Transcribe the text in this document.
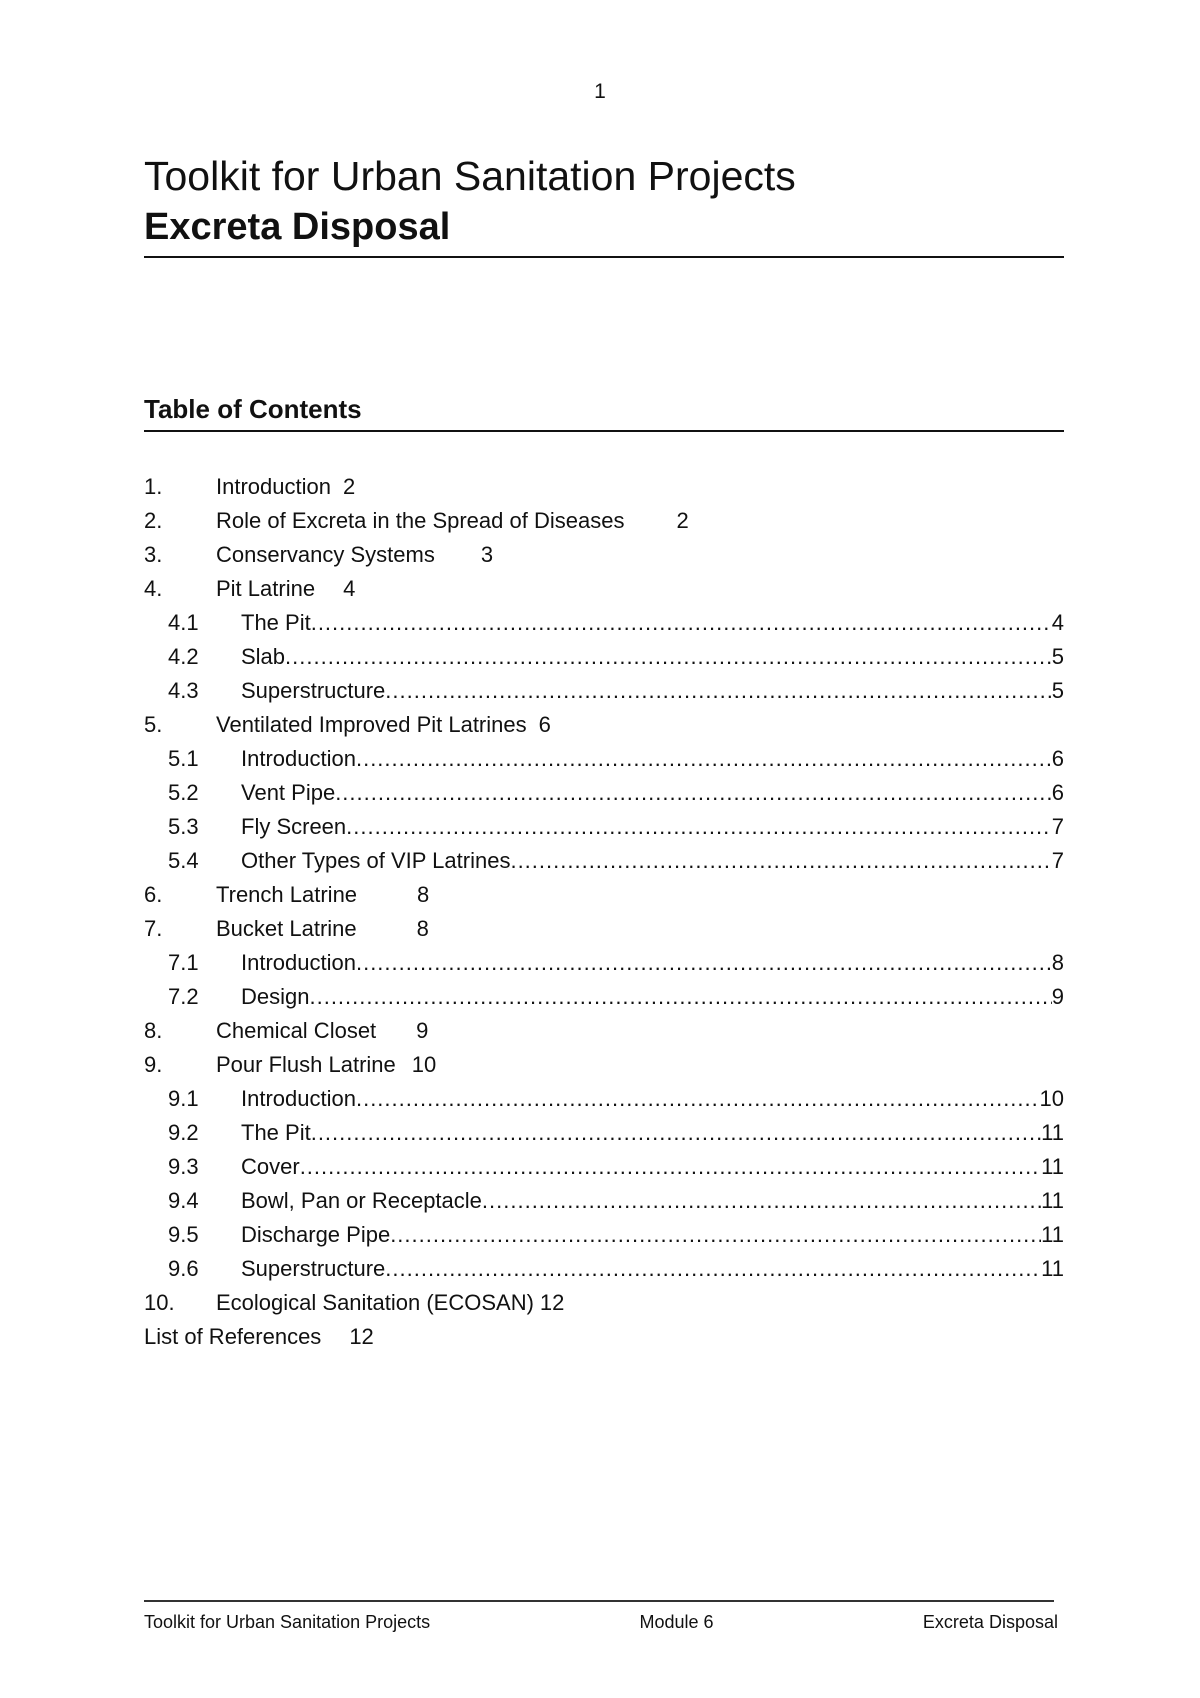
1
Toolkit for Urban Sanitation Projects
Excreta Disposal
Table of Contents
1. Introduction 2
2. Role of Excreta in the Spread of Diseases 2
3. Conservancy Systems 3
4. Pit Latrine 4
4.1	The Pit .....	4
4.2	Slab .....	5
4.3	Superstructure .....	5
5. Ventilated Improved Pit Latrines 6
5.1	Introduction .....	6
5.2	Vent Pipe .....	6
5.3	Fly Screen .....	7
5.4	Other Types of VIP Latrines .....	7
6. Trench Latrine	8
7. Bucket Latrine	8
7.1	Introduction .....	8
7.2	Design .....	9
8. Chemical Closet 9
9. Pour Flush Latrine 10
9.1	Introduction .....	10
9.2	The Pit .....	11
9.3	Cover .....	11
9.4	Bowl, Pan or Receptacle .....	11
9.5	Discharge Pipe .....	11
9.6	Superstructure .....	11
10. Ecological Sanitation (ECOSAN) 12
List of References 12
Toolkit for Urban Sanitation Projects	Module 6	Excreta Disposal
